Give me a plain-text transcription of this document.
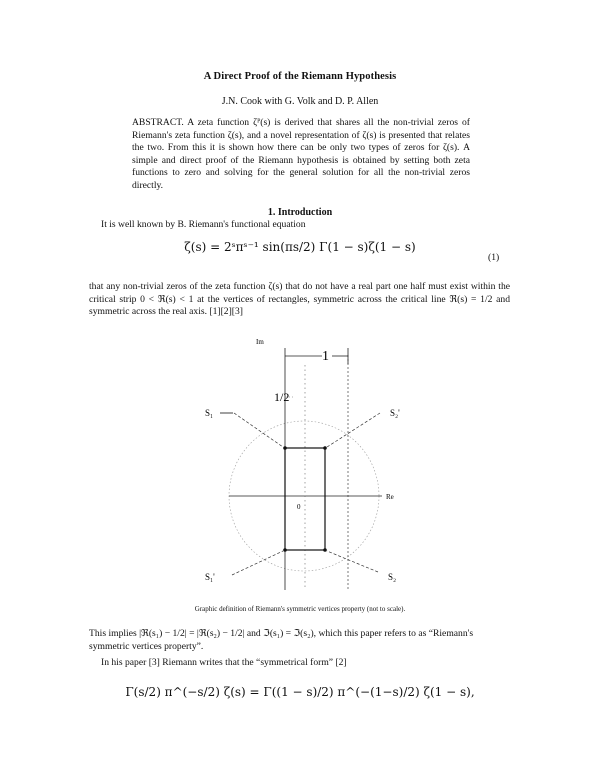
A Direct Proof of the Riemann Hypothesis
J.N. Cook with G. Volk and D. P. Allen
ABSTRACT. A zeta function ζᴾ(s) is derived that shares all the non-trivial zeros of Riemann's zeta function ζ(s), and a novel representation of ζ(s) is presented that relates the two. From this it is shown how there can be only two types of zeros for ζ(s). A simple and direct proof of the Riemann hypothesis is obtained by setting both zeta functions to zero and solving for the general solution for all the non-trivial zeros directly.
1. Introduction
It is well known by B. Riemann's functional equation
ζ(s) = 2ˢπˢ⁻¹ sin(πs/2) Γ(1 − s)ζ(1 − s)
(1)
that any non-trivial zeros of the zeta function ζ(s) that do not have a real part one half must exist within the critical strip 0 < ℜ(s) < 1 at the vertices of rectangles, symmetric across the critical line ℜ(s) = 1/2 and symmetric across the real axis. [1][2][3]
Im
Re
1
1/2
0
S₁	S₂'
S₁'	S₂
Graphic definition of Riemann's symmetric vertices property (not to scale).
This implies |ℜ(s₁) − 1/2| = |ℜ(s₂) − 1/2| and ℑ(s₁) = ℑ(s₂), which this paper refers to as “Riemann's symmetric vertices property”.
In his paper [3] Riemann writes that the “symmetrical form” [2]
Γ(s/2) π^(−s/2) ζ(s) = Γ((1 − s)/2) π^(−(1−s)/2) ζ(1 − s),
